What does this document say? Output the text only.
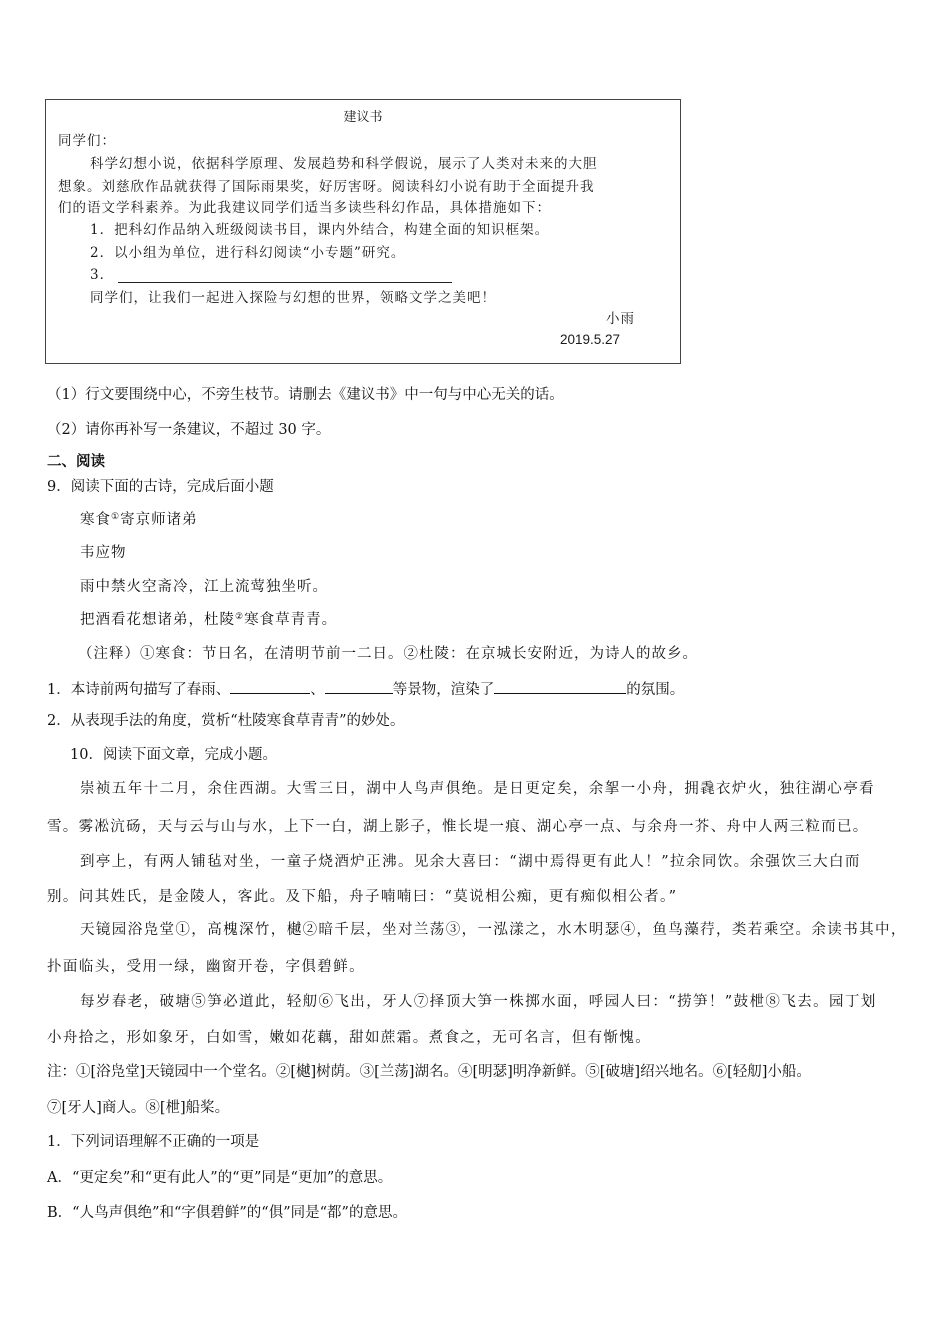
建议书
同学们：
科学幻想小说，依据科学原理、发展趋势和科学假说，展示了人类对未来的大胆
想象。刘慈欣作品就获得了国际雨果奖，好厉害呀。阅读科幻小说有助于全面提升我
们的语文学科素养。为此我建议同学们适当多读些科幻作品，具体措施如下：
1．把科幻作品纳入班级阅读书目，课内外结合，构建全面的知识框架。
2．以小组为单位，进行科幻阅读“小专题”研究。
3．
同学们，让我们一起进入探险与幻想的世界，领略文学之美吧！
小雨
2019.5.27
（1）行文要围绕中心，不旁生枝节。请删去《建议书》中一句与中心无关的话。
（2）请你再补写一条建议，不超过 30 字。
二、阅读
9．阅读下面的古诗，完成后面小题
寒食①寄京师诸弟
韦应物
雨中禁火空斋冷，江上流莺独坐听。
把酒看花想诸弟，杜陵②寒食草青青。
（注释）①寒食：节日名，在清明节前一二日。②杜陵：在京城长安附近，为诗人的故乡。
1．本诗前两句描写了春雨、	、	等景物，渲染了	的氛围。
2．从表现手法的角度，赏析“杜陵寒食草青青”的妙处。
10．阅读下面文章，完成小题。
崇祯五年十二月，余住西湖。大雪三日，湖中人鸟声俱绝。是日更定矣，余挐一小舟，拥毳衣炉火，独往湖心亭看
雪。雾凇沆砀，天与云与山与水，上下一白，湖上影子，惟长堤一痕、湖心亭一点、与余舟一芥、舟中人两三粒而已。
到亭上，有两人铺毡对坐，一童子烧酒炉正沸。见余大喜曰：“湖中焉得更有此人！”拉余同饮。余强饮三大白而
别。问其姓氏，是金陵人，客此。及下船，舟子喃喃曰：“莫说相公痴，更有痴似相公者。”
天镜园浴凫堂①，高槐深竹，樾②暗千层，坐对兰荡③，一泓漾之，水木明瑟④，鱼鸟藻荇，类若乘空。余读书其中，
扑面临头，受用一绿，幽窗开卷，字俱碧鲜。
每岁春老，破塘⑤笋必道此，轻舠⑥飞出，牙人⑦择顶大笋一株掷水面，呼园人曰：“捞笋！”鼓枻⑧飞去。园丁划
小舟拾之，形如象牙，白如雪，嫩如花藕，甜如蔗霜。煮食之，无可名言，但有惭愧。
注：①[浴凫堂]天镜园中一个堂名。②[樾]树荫。③[兰荡]湖名。④[明瑟]明净新鲜。⑤[破塘]绍兴地名。⑥[轻舠]小船。
⑦[牙人]商人。⑧[枻]船桨。
1．下列词语理解不正确的一项是
A．“更定矣”和“更有此人”的“更”同是“更加”的意思。
B．“人鸟声俱绝”和“字俱碧鲜”的“俱”同是“都”的意思。
